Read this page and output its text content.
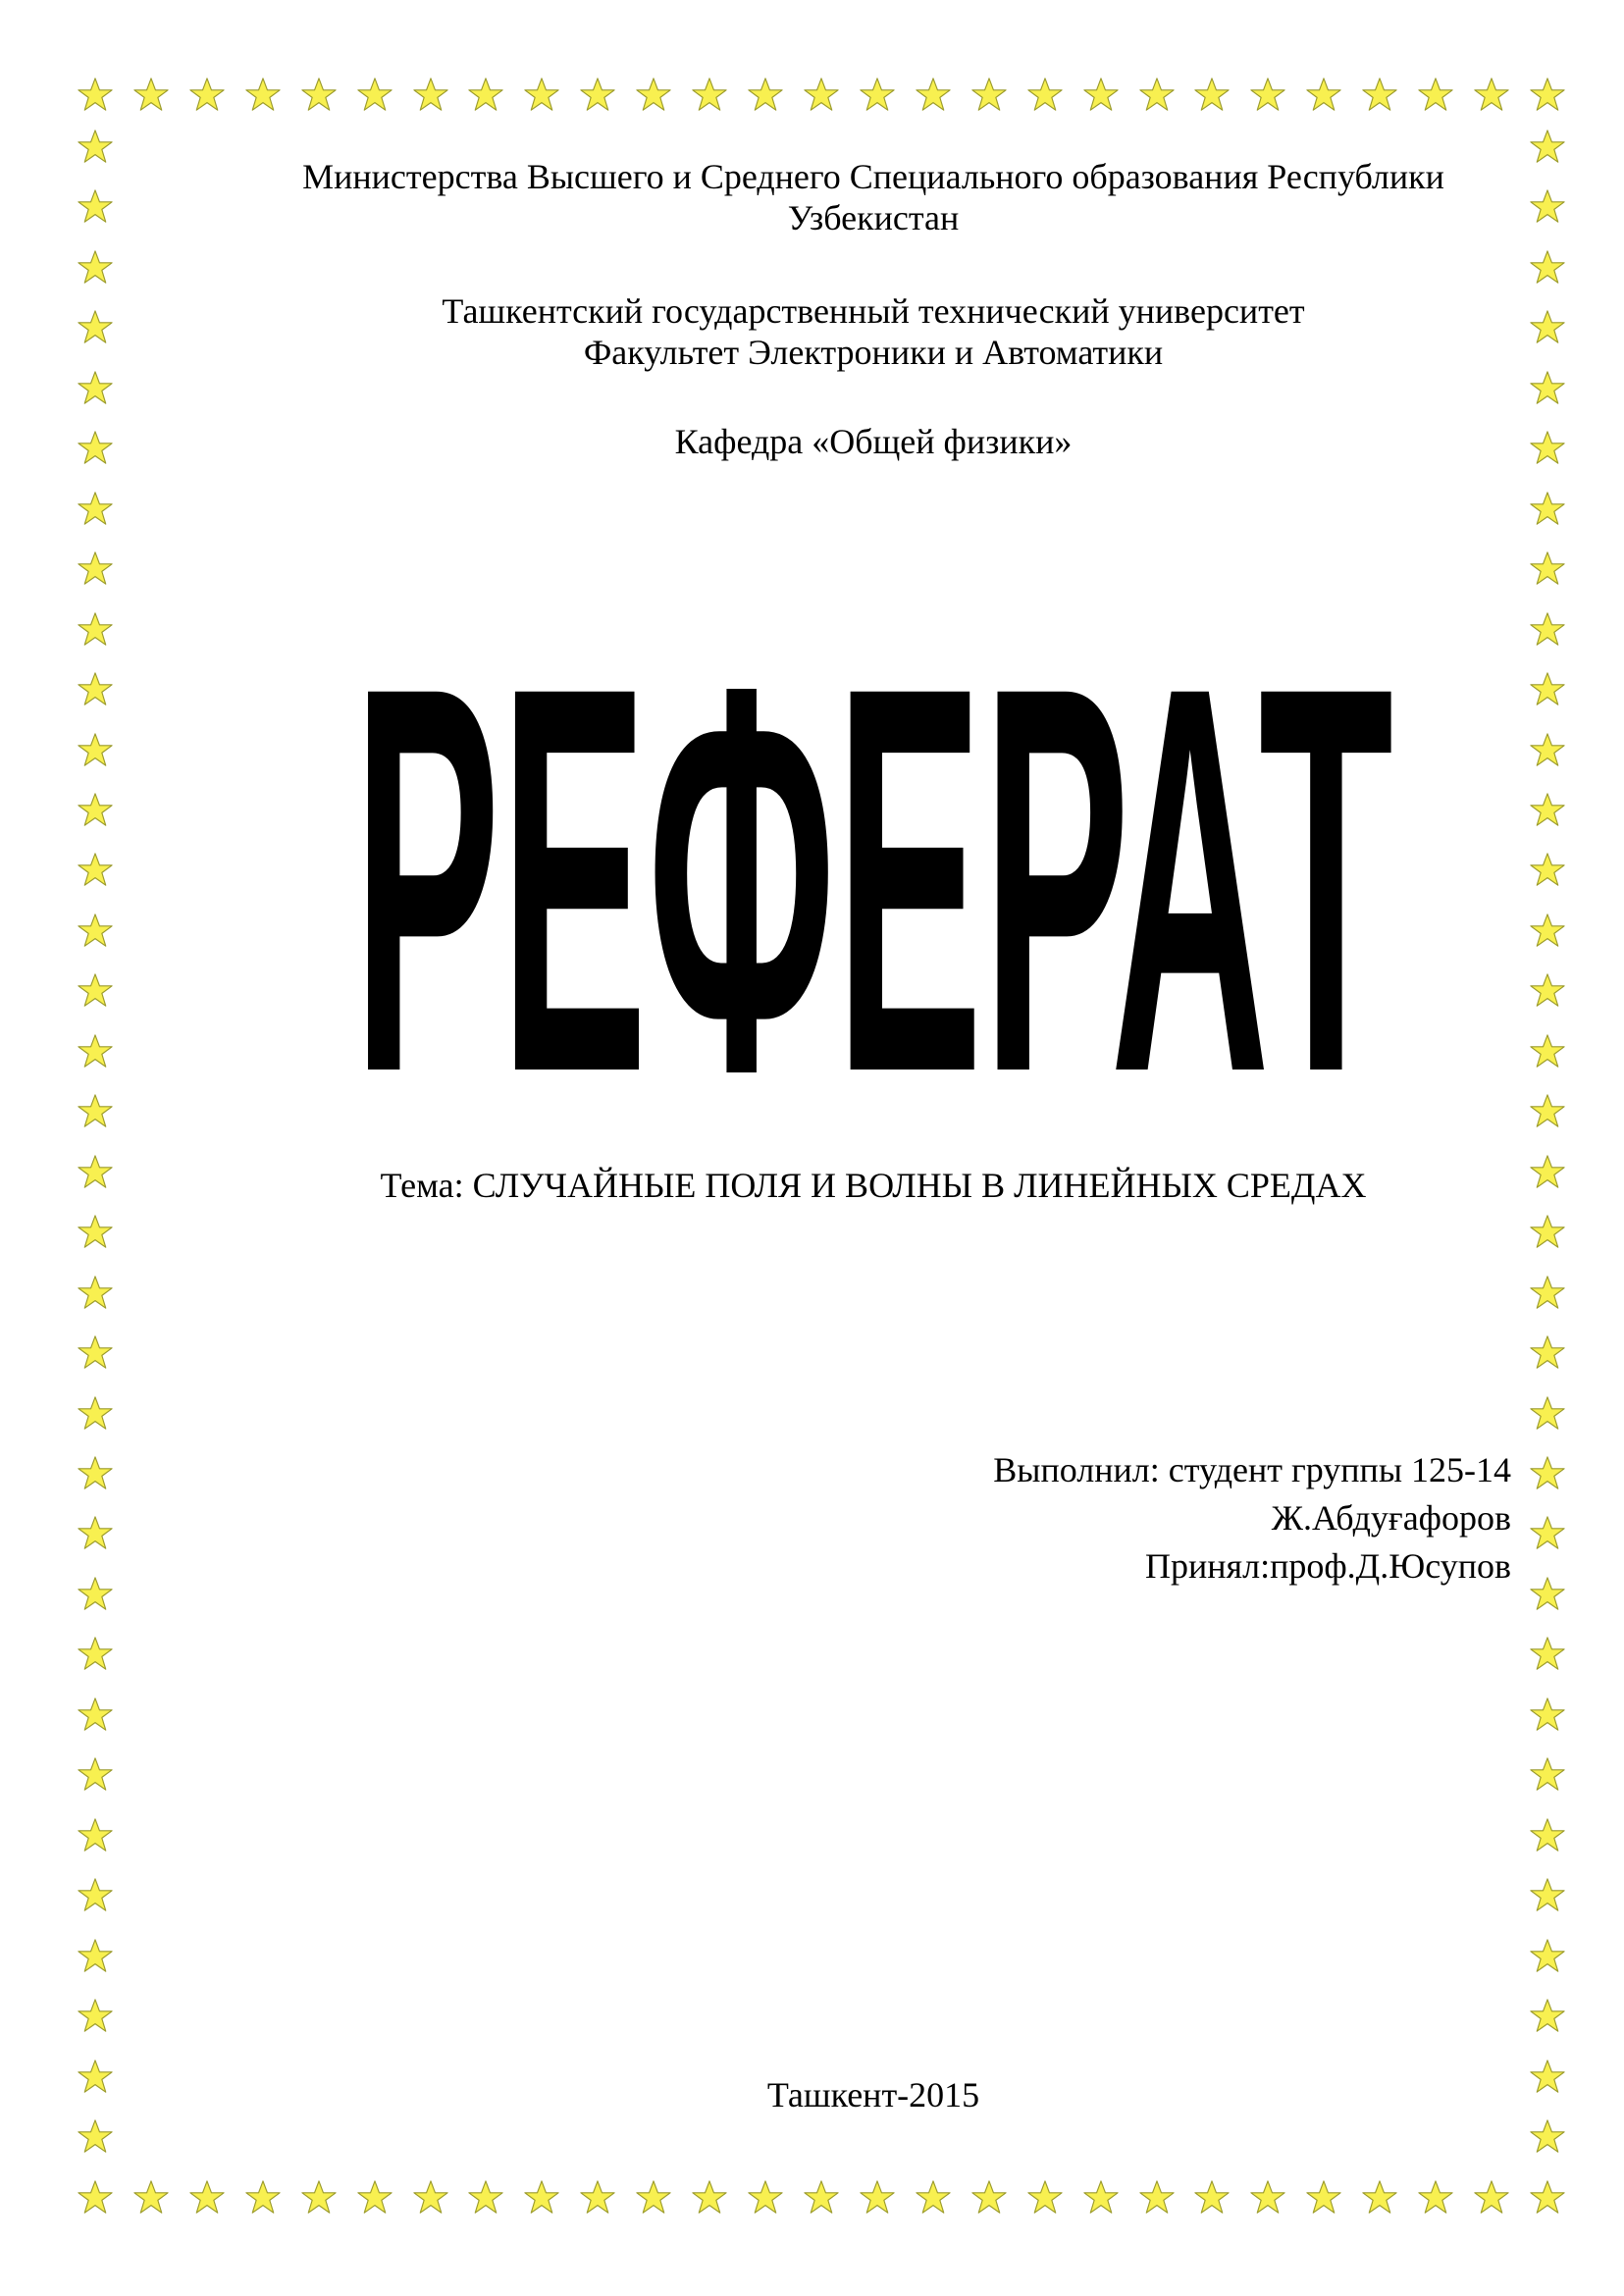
Министерства Высшего и Среднего Специального образования Республики
Узбекистан
Ташкентский государственный технический университет
Факультет Электроники и Автоматики
Кафедра «Общей физики»
РЕФЕРАТ
Тема: СЛУЧАЙНЫЕ ПОЛЯ И ВОЛНЫ В ЛИНЕЙНЫХ СРЕДАХ
Выполнил: студент группы 125-14
Ж.Абдуғафоров
Принял:проф.Д.Юсупов
Ташкент-2015
